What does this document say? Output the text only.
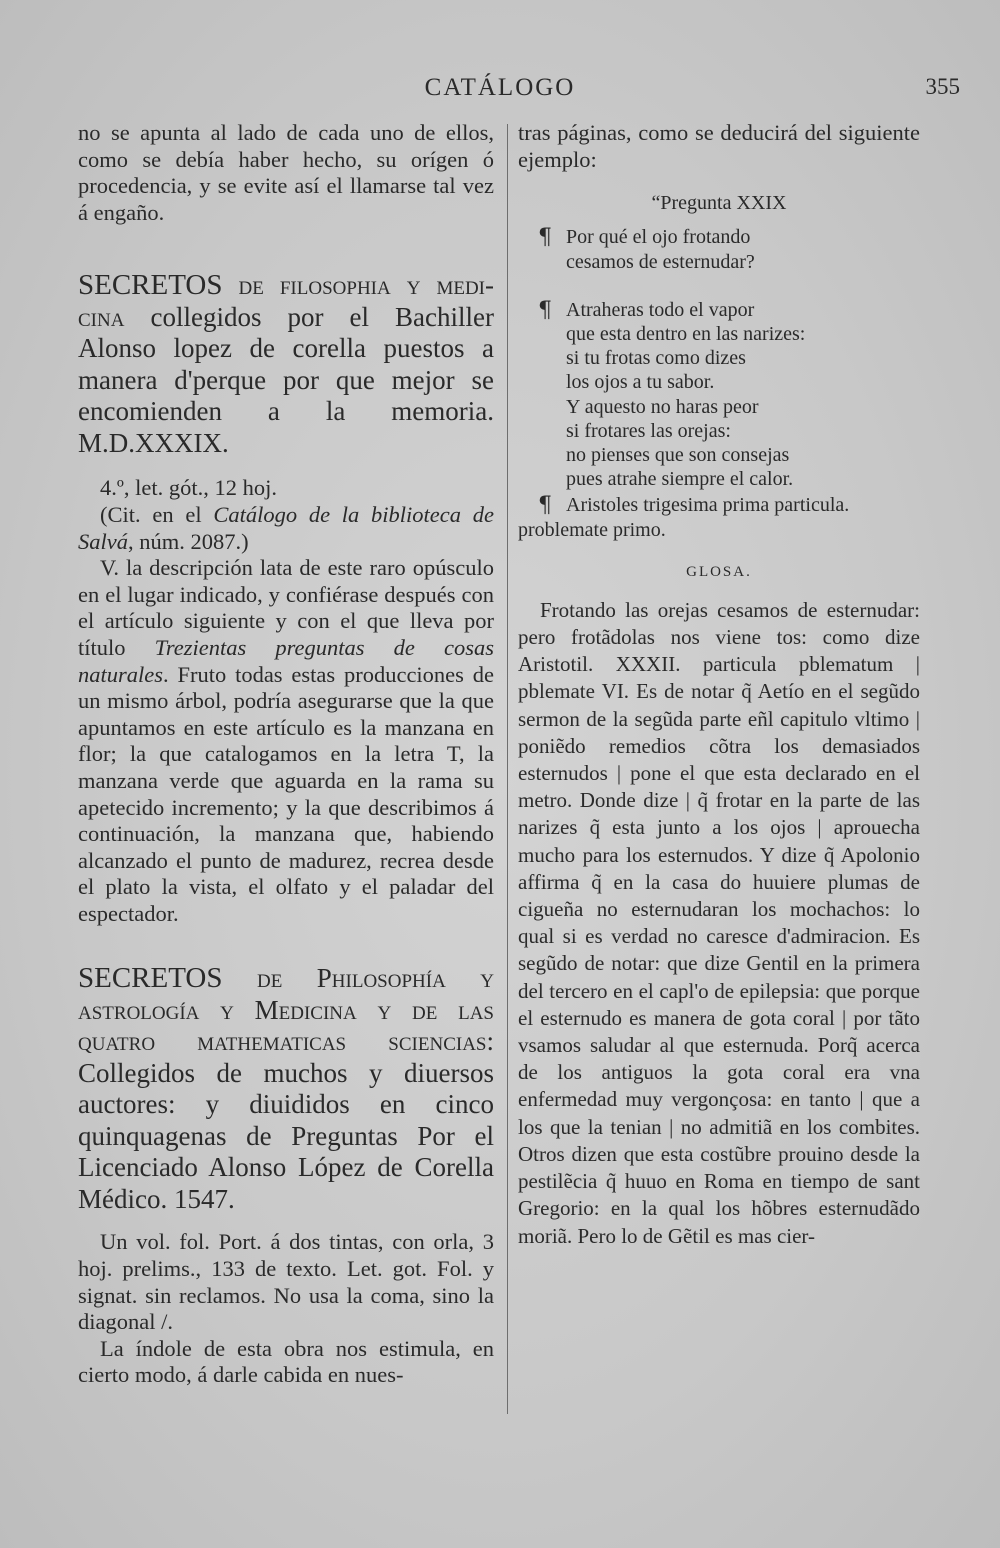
CATÁLOGO	355

no se apunta al lado de cada uno de ellos, como se debía haber hecho, su orígen ó procedencia, y se evite así el llamarse tal vez á engaño.

SECRETOS de filosophia y medi-cina collegidos por el Bachiller Alonso lopez de corella puestos a manera d'perque por que mejor se encomienden a la memoria. M.D.XXXIX.

4.º, let. gót., 12 hoj.

(Cit. en el Catálogo de la biblioteca de Salvá, núm. 2087.)

V. la descripción lata de este raro opúsculo en el lugar indicado, y confiérase después con el artículo siguiente y con el que lleva por título Trezientas preguntas de cosas naturales. Fruto todas estas producciones de un mismo árbol, podría asegurarse que la que apuntamos en este artículo es la manzana en flor; la que catalogamos en la letra T, la manzana verde que aguarda en la rama su apetecido incremento; y la que describimos á continuación, la manzana que, habiendo alcanzado el punto de madurez, recrea desde el plato la vista, el olfato y el paladar del espectador.

SECRETOS de Philosophía y astrología y Medicina y de las quatro mathematicas sciencias: Collegidos de muchos y diuersos auctores: y diuididos en cinco quinquagenas de Preguntas Por el Licenciado Alonso López de Corella Médico. 1547.

Un vol. fol. Port. á dos tintas, con orla, 3 hoj. prelims., 133 de texto. Let. got. Fol. y signat. sin reclamos. No usa la coma, sino la diagonal /.

La índole de esta obra nos estimula, en cierto modo, á darle cabida en nues-

tras páginas, como se deducirá del siguiente ejemplo:

“Pregunta XXIX

¶ Por qué el ojo frotando
cesamos de esternudar?

¶ Atraheras todo el vapor
que esta dentro en las narizes:
si tu frotas como dizes
los ojos a tu sabor.
Y aquesto no haras peor
si frotares las orejas:
no pienses que son consejas
pues atrahe siempre el calor.

¶ Aristoles trigesima prima particula. problemate primo.

GLOSA.

Frotando las orejas cesamos de esternudar: pero frotãdolas nos viene tos: como dize Aristotil. XXXII. particula pblematum | pblemate VI. Es de notar q̃ Aetío en el segũdo sermon de la segũda parte eñl capitulo vltimo | poniẽdo remedios cõtra los demasiados esternudos | pone el que esta declarado en el metro. Donde dize | q̃ frotar en la parte de las narizes q̃ esta junto a los ojos | aprouecha mucho para los esternudos. Y dize q̃ Apolonio affirma q̃ en la casa do huuiere plumas de cigueña no esternudaran los mochachos: lo qual si es verdad no caresce d'admiracion. Es segũdo de notar: que dize Gentil en la primera del tercero en el capl'o de epilepsia: que porque el esternudo es manera de gota coral | por tãto vsamos saludar al que esternuda. Porq̃ acerca de los antiguos la gota coral era vna enfermedad muy vergonçosa: en tanto | que a los que la tenian | no admitiã en los combites. Otros dizen que esta costũbre prouino desde la pestilẽcia q̃ huuo en Roma en tiempo de sant Gregorio: en la qual los hõbres esternudãdo moriã. Pero lo de Gẽtil es mas cier-
